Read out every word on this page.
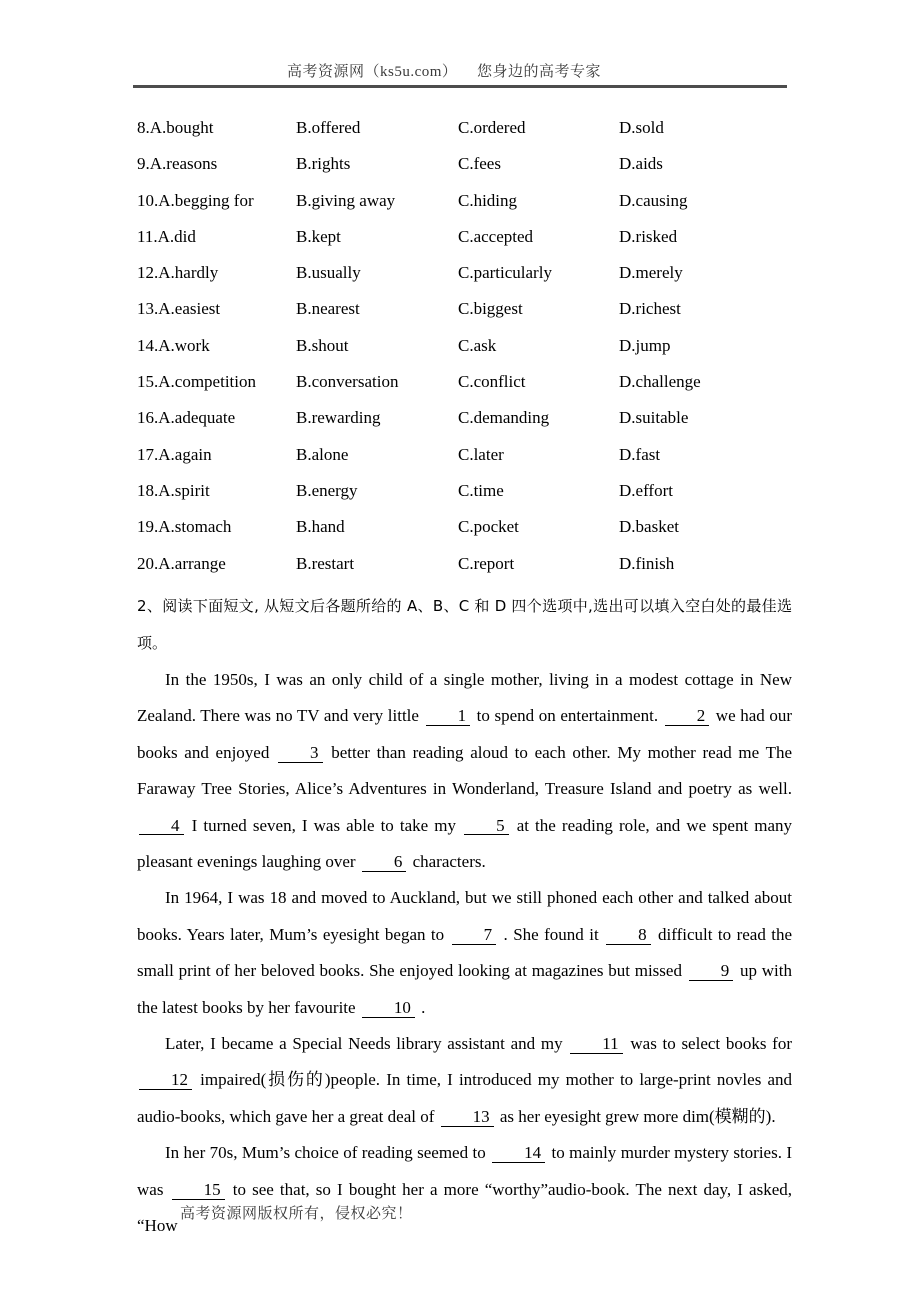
高考资源网（ks5u.com） 您身边的高考专家
8.A.bought	B.offered	C.ordered	D.sold
9.A.reasons	B.rights	C.fees	D.aids
10.A.begging for B.giving away	C.hiding	D.causing
11.A.did	B.kept	C.accepted	D.risked
12.A.hardly	B.usually	C.particularly	D.merely
13.A.easiest	B.nearest	C.biggest	D.richest
14.A.work	B.shout	C.ask	D.jump
15.A.competition B.conversation	C.conflict	D.challenge
16.A.adequate	B.rewarding	C.demanding	D.suitable
17.A.again	B.alone	C.later	D.fast
18.A.spirit	B.energy	C.time	D.effort
19.A.stomach	B.hand	C.pocket	D.basket
20.A.arrange	B.restart	C.report	D.finish
2、阅读下面短文, 从短文后各题所给的 A、B、C 和 D 四个选项中,选出可以填入空白处的最佳选项。

In the 1950s, I was an only child of a single mother, living in a modest cottage in New Zealand. There was no TV and very little 1 to spend on entertainment. 2 we had our books and enjoyed 3 better than reading aloud to each other. My mother read me The Faraway Tree Stories, Alice’s Adventures in Wonderland, Treasure Island and poetry as well. 4 I turned seven, I was able to take my 5 at the reading role, and we spent many pleasant evenings laughing over 6 characters.

In 1964, I was 18 and moved to Auckland, but we still phoned each other and talked about books. Years later, Mum’s eyesight began to 7 . She found it 8 difficult to read the small print of her beloved books. She enjoyed looking at magazines but missed 9 up with the latest books by her favourite 10 .

Later, I became a Special Needs library assistant and my 11 was to select books for 12 impaired(损伤的)people. In time, I introduced my mother to large-print novles and audio-books, which gave her a great deal of 13 as her eyesight grew more dim(模糊的).

In her 70s, Mum’s choice of reading seemed to 14 to mainly murder mystery stories. I was 15 to see that, so I bought her a more “worthy”audio-book. The next day, I asked, “How

高考资源网版权所有，侵权必究！
